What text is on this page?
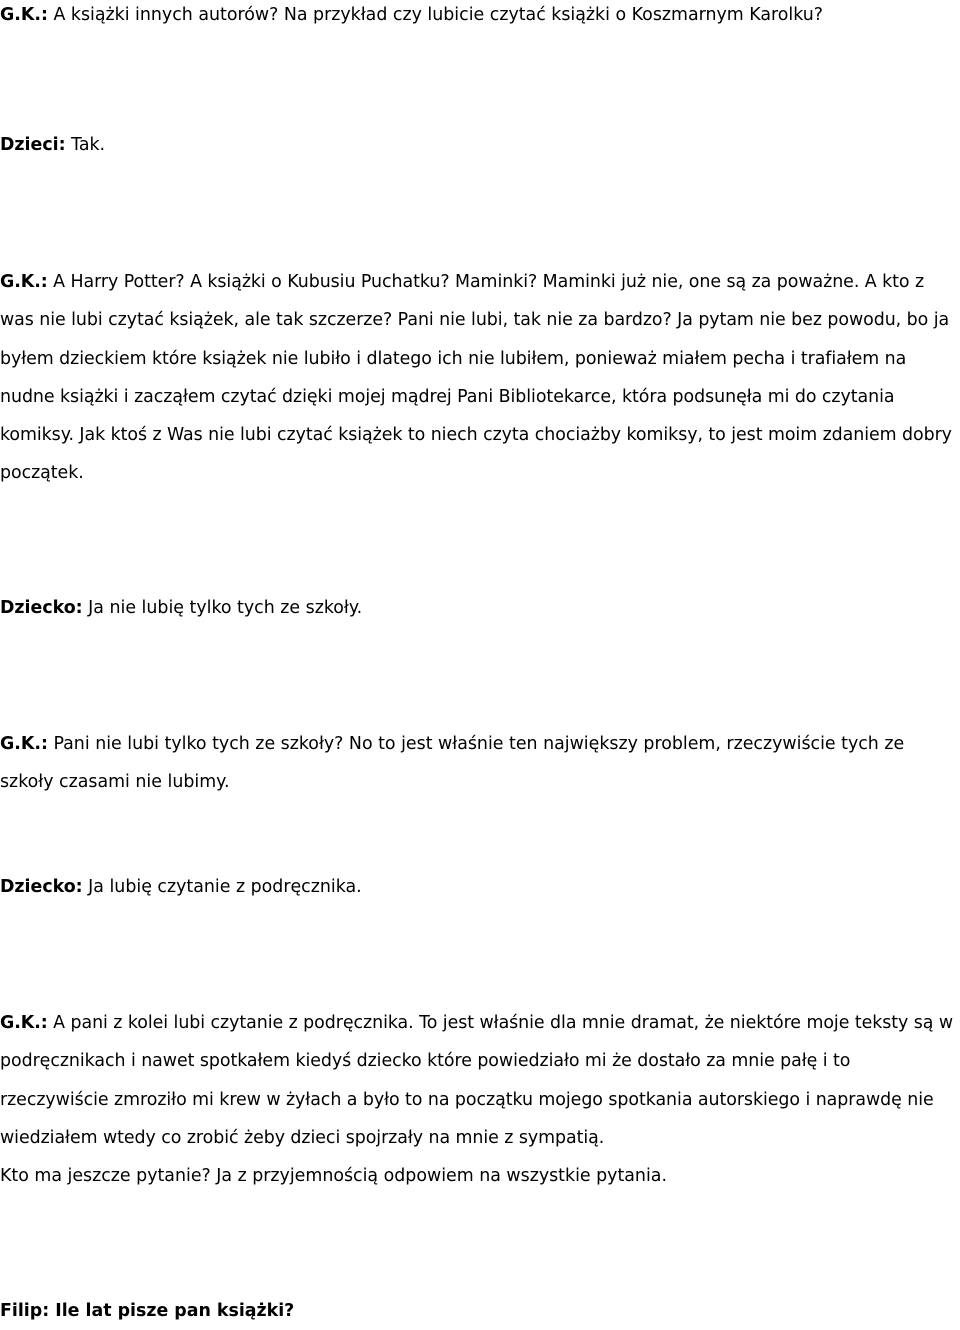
G.K.: A książki innych autorów? Na przykład czy lubicie czytać książki o Koszmarnym Karolku?

Dzieci: Tak.

G.K.: A Harry Potter? A książki o Kubusiu Puchatku? Maminki? Maminki już nie, one są za poważne. A kto z was nie lubi czytać książek, ale tak szczerze? Pani nie lubi, tak nie za bardzo? Ja pytam nie bez powodu, bo ja byłem dzieckiem które książek nie lubiło i dlatego ich nie lubiłem, ponieważ miałem pecha i trafiałem na nudne książki i zacząłem czytać dzięki mojej mądrej Pani Bibliotekarce, która podsunęła mi do czytania komiksy. Jak ktoś z Was nie lubi czytać książek to niech czyta chociażby komiksy, to jest moim zdaniem dobry początek.

Dziecko: Ja nie lubię tylko tych ze szkoły.

G.K.: Pani nie lubi tylko tych ze szkoły? No to jest właśnie ten największy problem, rzeczywiście tych ze szkoły czasami nie lubimy.

Dziecko: Ja lubię czytanie z podręcznika.

G.K.: A pani z kolei lubi czytanie z podręcznika. To jest właśnie dla mnie dramat, że niektóre moje teksty są w podręcznikach i nawet spotkałem kiedyś dziecko które powiedziało mi że dostało za mnie pałę i to rzeczywiście zmroziło mi krew w żyłach a było to na początku mojego spotkania autorskiego i naprawdę nie wiedziałem wtedy co zrobić żeby dzieci spojrzały na mnie z sympatią.

Kto ma jeszcze pytanie? Ja z przyjemnością odpowiem na wszystkie pytania.

Filip: Ile lat pisze pan książki?
